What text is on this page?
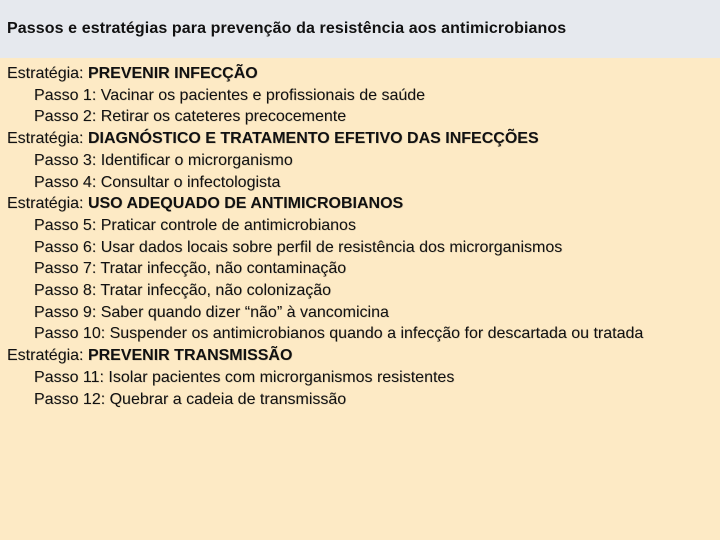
Passos e estratégias para prevenção da resistência aos antimicrobianos

Estratégia: PREVENIR INFECÇÃO

Passo 1: Vacinar os pacientes e profissionais de saúde

Passo 2: Retirar os cateteres precocemente

Estratégia: DIAGNÓSTICO E TRATAMENTO EFETIVO DAS INFECÇÕES

Passo 3: Identificar o microrganismo

Passo 4: Consultar o infectologista

Estratégia: USO ADEQUADO DE ANTIMICROBIANOS

Passo 5: Praticar controle de antimicrobianos

Passo 6: Usar dados locais sobre perfil de resistência dos microrganismos

Passo 7: Tratar infecção, não contaminação

Passo 8: Tratar infecção, não colonização

Passo 9: Saber quando dizer “não” à vancomicina

Passo 10: Suspender os antimicrobianos quando a infecção for descartada ou tratada

Estratégia: PREVENIR TRANSMISSÃO

Passo 11: Isolar pacientes com microrganismos resistentes

Passo 12: Quebrar a cadeia de transmissão
